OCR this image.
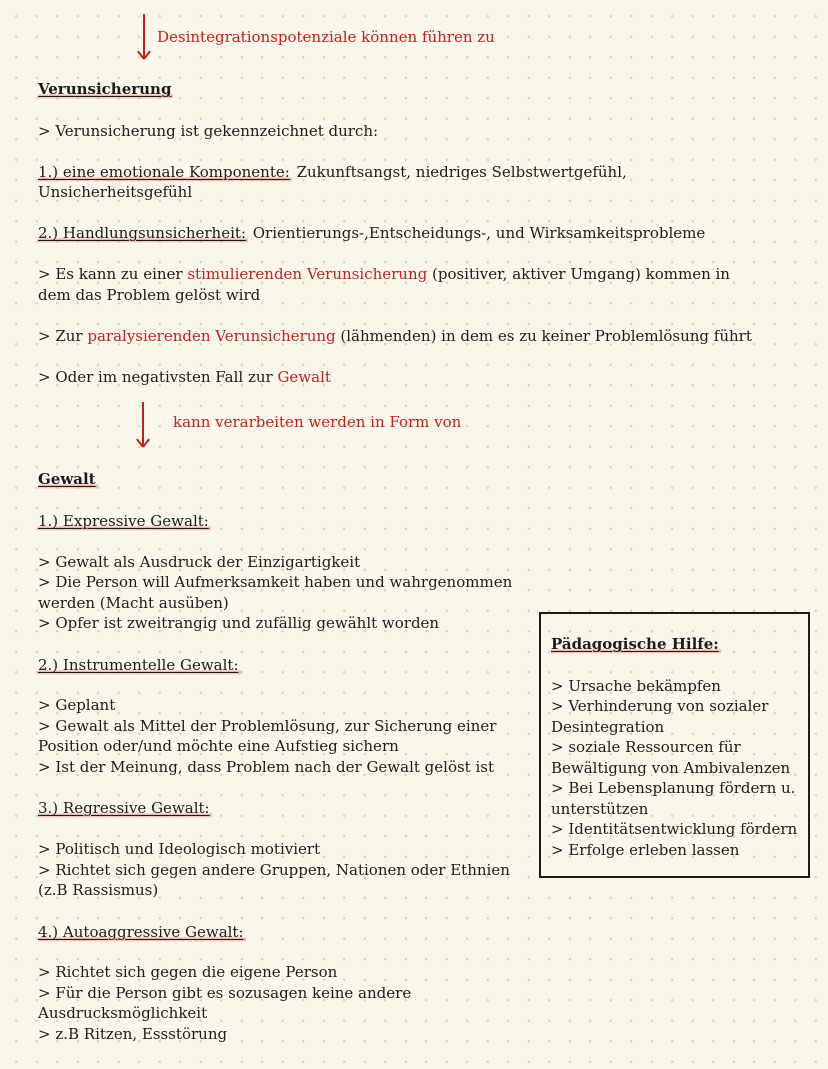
Desintegrationspotenziale können führen zu

Verunsicherung

> Verunsicherung ist gekennzeichnet durch:

1.) eine emotionale Komponente: Zukunftsangst, niedriges Selbstwertgefühl,

Unsicherheitsgefühl

2.) Handlungsunsicherheit: Orientierungs-,Entscheidungs-, und Wirksamkeitsprobleme

> Es kann zu einer stimulierenden Verunsicherung (positiver, aktiver Umgang) kommen in

dem das Problem gelöst wird

> Zur paralysierenden Verunsicherung (lähmenden) in dem es zu keiner Problemlösung führt

> Oder im negativsten Fall zur Gewalt

kann verarbeiten werden in Form von

Gewalt

1.) Expressive Gewalt:

> Gewalt als Ausdruck der Einzigartigkeit

> Die Person will Aufmerksamkeit haben und wahrgenommen

werden (Macht ausüben)

> Opfer ist zweitrangig und zufällig gewählt worden

2.) Instrumentelle Gewalt:

> Geplant

> Gewalt als Mittel der Problemlösung, zur Sicherung einer

Position oder/und möchte eine Aufstieg sichern

> Ist der Meinung, dass Problem nach der Gewalt gelöst ist

3.) Regressive Gewalt:

> Politisch und Ideologisch motiviert

> Richtet sich gegen andere Gruppen, Nationen oder Ethnien

(z.B Rassismus)

4.) Autoaggressive Gewalt:

> Richtet sich gegen die eigene Person

> Für die Person gibt es sozusagen keine andere

Ausdrucksmöglichkeit

> z.B Ritzen, Essstörung

Pädagogische Hilfe:

> Ursache bekämpfen

> Verhinderung von sozialer

Desintegration

> soziale Ressourcen für

Bewältigung von Ambivalenzen

> Bei Lebensplanung fördern u.

unterstützen

> Identitätsentwicklung fördern

> Erfolge erleben lassen
